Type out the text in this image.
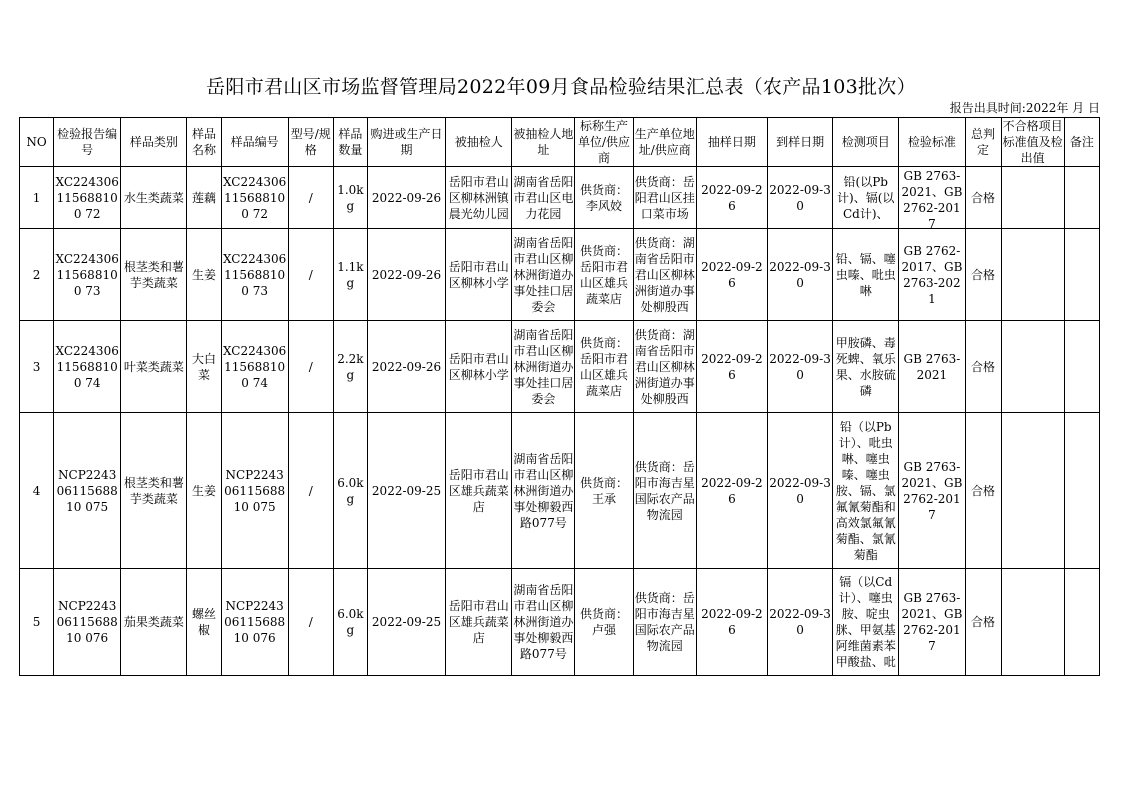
岳阳市君山区市场监督管理局2022年09月食品检验结果汇总表（农产品103批次）
报告出具时间:2022年 月 日
NO	检验报告编号	样品类别	样品名称	样品编号	型号/规格	样品数量	购进或生产日期	被抽检人	被抽检人地址	标称生产单位/供应商	生产单位地址/供应商	抽样日期	到样日期	检测项目	检验标准	总判定	不合格项目标准值及检出值	备注

1	XC224306115688100 72	水生类蔬菜	莲藕	XC224306115688100 72	/	1.0kg	2022-09-26	岳阳市君山区柳林洲镇晨光幼儿园	湖南省岳阳市君山区电力花园	供货商：李风姣	供货商：岳阳君山区挂口菜市场	2022-09-26	2022-09-30	铅(以Pb计)、镉(以Cd计)、	GB 2763-2021、GB 2762-2017	合格		

2	XC224306115688100 73	根茎类和薯芋类蔬菜	生姜	XC224306115688100 73	/	1.1kg	2022-09-26	岳阳市君山区柳林小学	湖南省岳阳市君山区柳林洲街道办事处挂口居委会	供货商：岳阳市君山区雄兵蔬菜店	供货商：湖南省岳阳市君山区柳林洲街道办事处柳殷西	2022-09-26	2022-09-30	铅、镉、噻虫嗪、吡虫啉	GB 2762-2017、GB 2763-2021	合格		

3	XC224306115688100 74	叶菜类蔬菜	大白菜	XC224306115688100 74	/	2.2kg	2022-09-26	岳阳市君山区柳林小学	湖南省岳阳市君山区柳林洲街道办事处挂口居委会	供货商：岳阳市君山区雄兵蔬菜店	供货商：湖南省岳阳市君山区柳林洲街道办事处柳殷西	2022-09-26	2022-09-30	甲胺磷、毒死蜱、氧乐果、水胺硫磷	GB 2763-2021	合格		

4	NCP22430611568810 075	根茎类和薯芋类蔬菜	生姜	NCP22430611568810 075	/	6.0kg	2022-09-25	岳阳市君山区雄兵蔬菜店	湖南省岳阳市君山区柳林洲街道办事处柳毅西路077号	供货商：王承	供货商：岳阳市海吉星国际农产品物流园	2022-09-26	2022-09-30	铅（以Pb计）、吡虫啉、噻虫嗪、噻虫胺、镉、氯氟氰菊酯和高效氯氟氰菊酯、氯氰菊酯	GB 2763-2021、GB 2762-2017	合格		

5	NCP22430611568810 076	茄果类蔬菜	螺丝椒	NCP22430611568810 076	/	6.0kg	2022-09-25	岳阳市君山区雄兵蔬菜店	湖南省岳阳市君山区柳林洲街道办事处柳毅西路077号	供货商：卢强	供货商：岳阳市海吉星国际农产品物流园	2022-09-26	2022-09-30	镉（以Cd计）、噻虫胺、啶虫脒、甲氨基阿维菌素苯甲酸盐、吡	GB 2763-2021、GB 2762-2017	合格		
